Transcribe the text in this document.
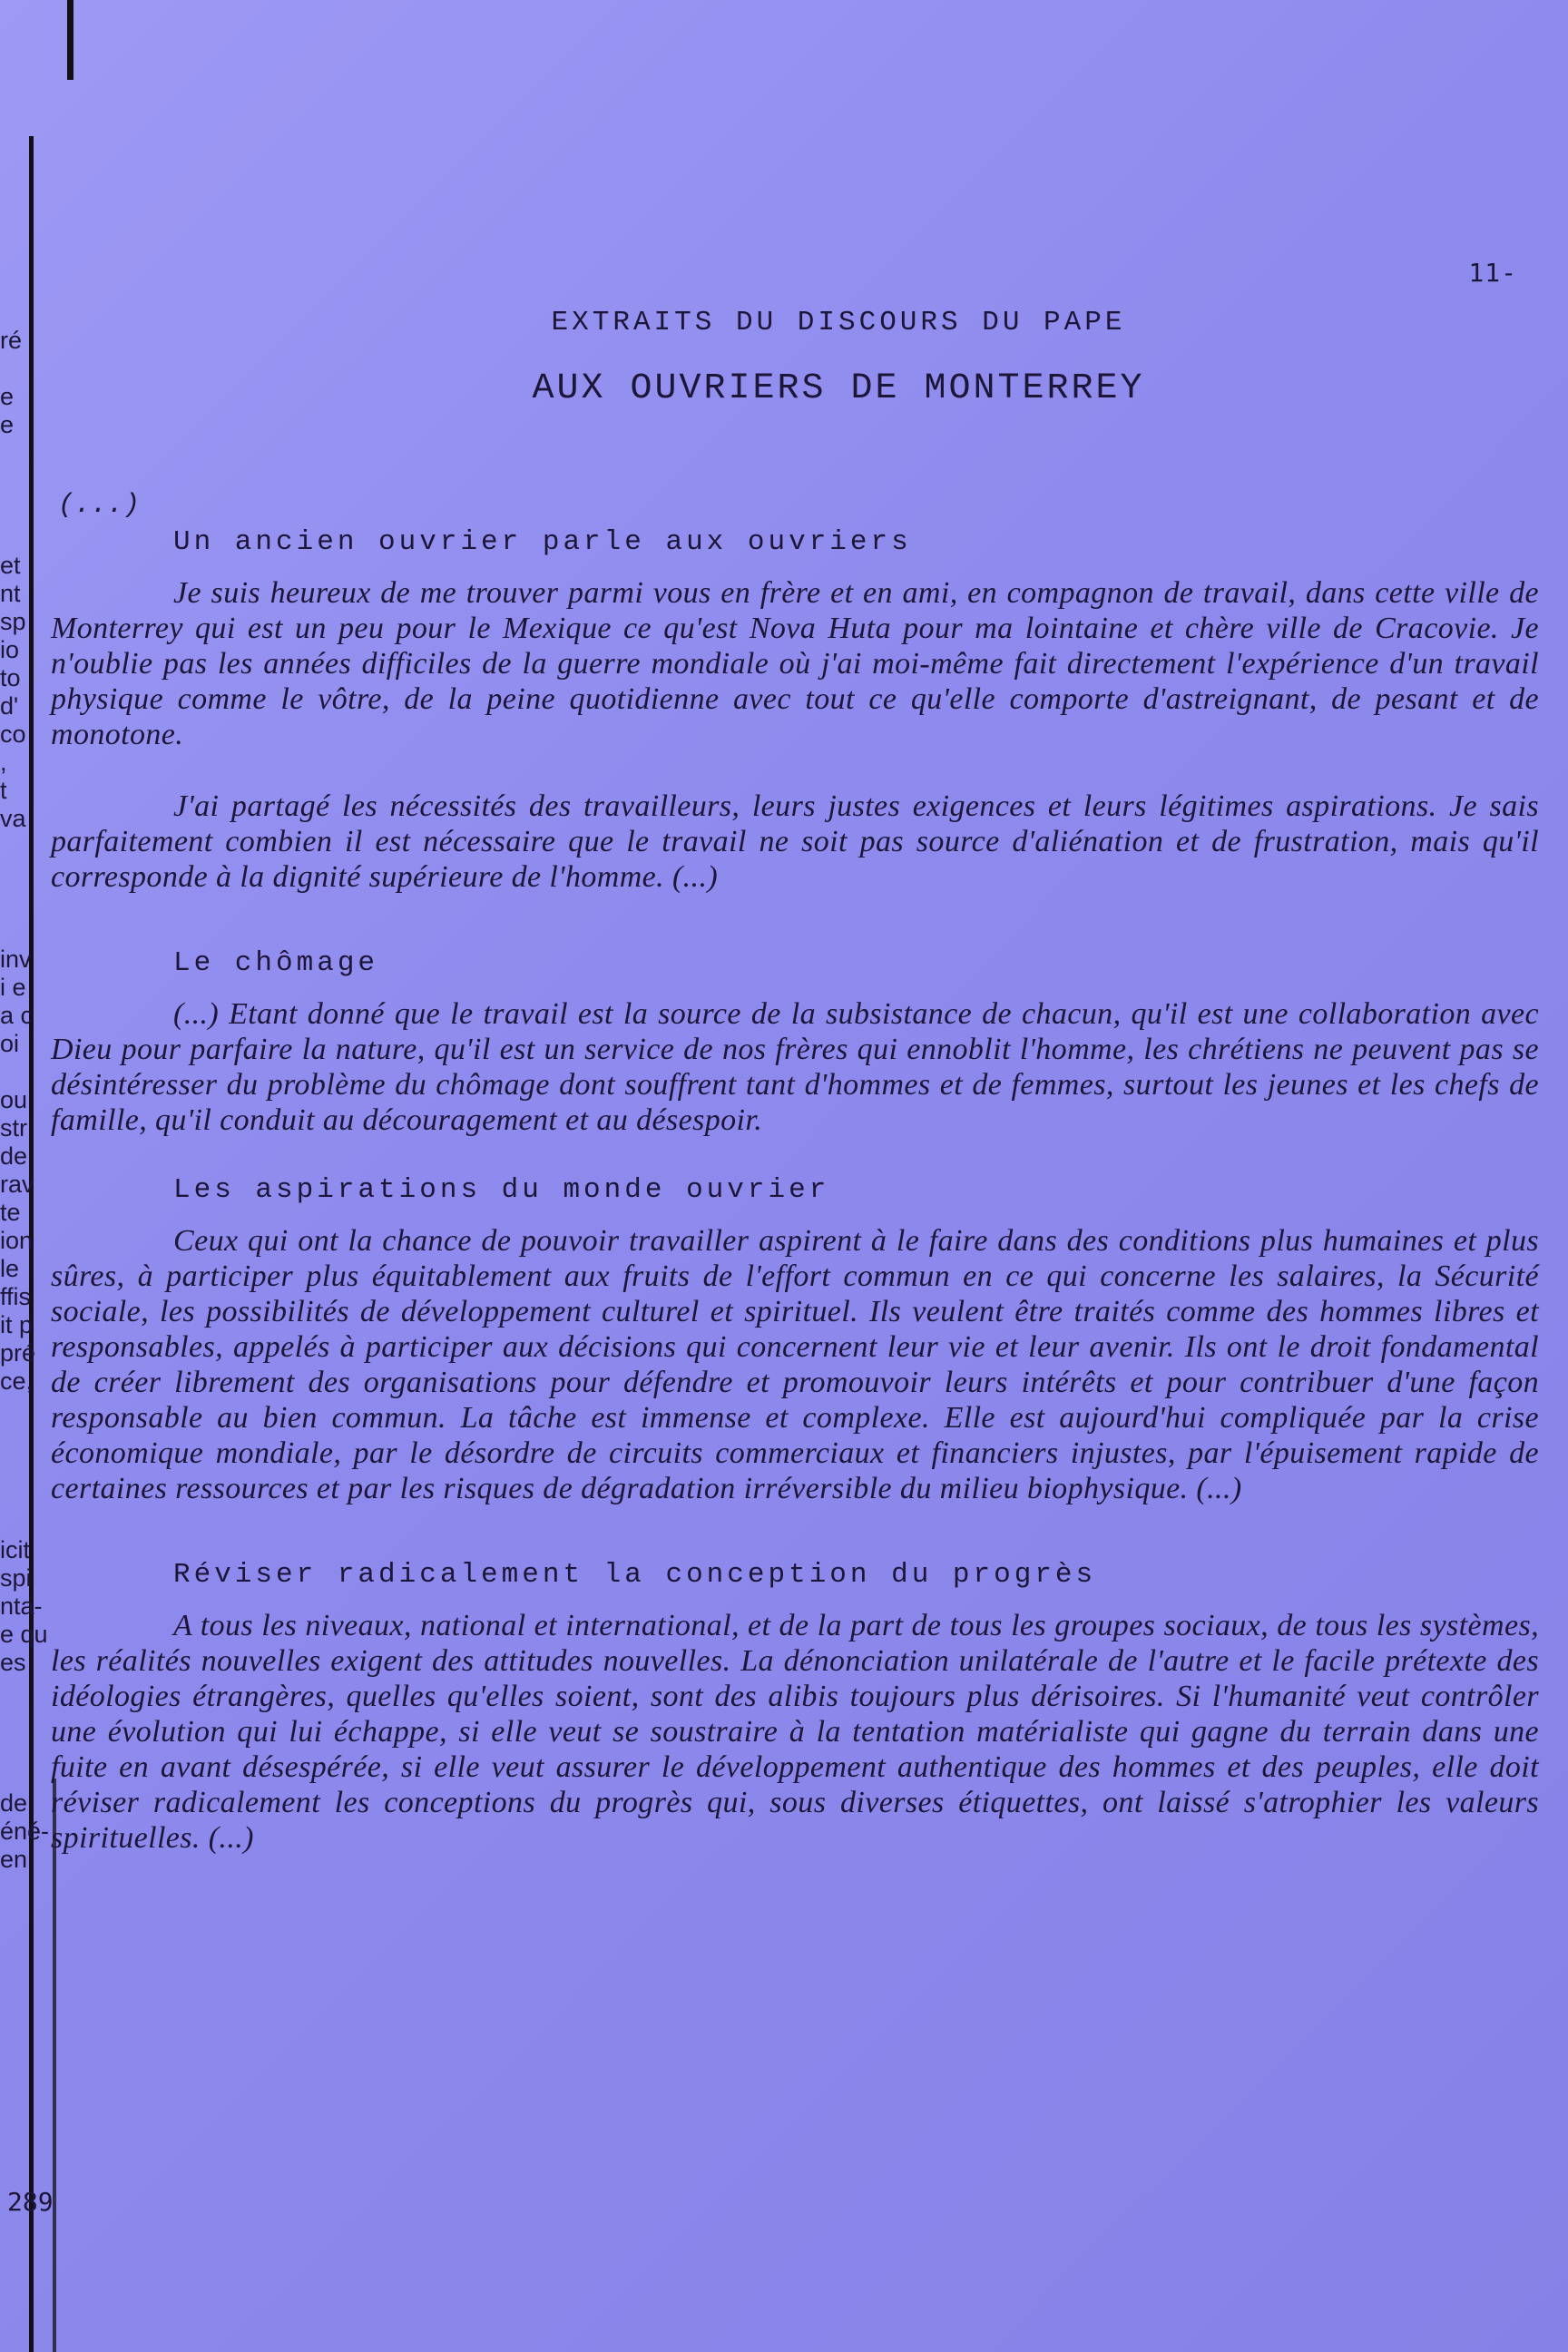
ré
e
e
et
nt
sp
io
to
d'
co
,
t
va
inv
i e
a c
oi
ou
str
de
rav
te
ion
le
ffis
it p
pré
ce,
icit
spi
nta-
e qu
es
de
éné-
en
11-
EXTRAITS DU DISCOURS DU PAPE
AUX OUVRIERS DE MONTERREY
(...)
Un ancien ouvrier parle aux ouvriers

Je suis heureux de me trouver parmi vous en frère et en ami, en compagnon de travail, dans cette ville de Monterrey qui est un peu pour le Mexique ce qu'est Nova Huta pour ma lointaine et chère ville de Cracovie. Je n'oublie pas les années difficiles de la guerre mondiale où j'ai moi-même fait directement l'expérience d'un travail physique comme le vôtre, de la peine quotidienne avec tout ce qu'elle comporte d'astreignant, de pesant et de monotone.

J'ai partagé les nécessités des travailleurs, leurs justes exigences et leurs légitimes aspirations. Je sais parfaitement combien il est nécessaire que le travail ne soit pas source d'aliénation et de frustration, mais qu'il corresponde à la dignité supérieure de l'homme. (...)

Le chômage

(...) Etant donné que le travail est la source de la subsistance de chacun, qu'il est une collaboration avec Dieu pour parfaire la nature, qu'il est un service de nos frères qui ennoblit l'homme, les chrétiens ne peuvent pas se désintéresser du problème du chômage dont souffrent tant d'hommes et de femmes, surtout les jeunes et les chefs de famille, qu'il conduit au découragement et au désespoir.

Les aspirations du monde ouvrier

Ceux qui ont la chance de pouvoir travailler aspirent à le faire dans des conditions plus humaines et plus sûres, à participer plus équitablement aux fruits de l'effort commun en ce qui concerne les salaires, la Sécurité sociale, les possibilités de développement culturel et spirituel. Ils veulent être traités comme des hommes libres et responsables, appelés à participer aux décisions qui concernent leur vie et leur avenir. Ils ont le droit fondamental de créer librement des organisations pour défendre et promouvoir leurs intérêts et pour contribuer d'une façon responsable au bien commun. La tâche est immense et complexe. Elle est aujourd'hui compliquée par la crise économique mondiale, par le désordre de circuits commerciaux et financiers injustes, par l'épuisement rapide de certaines ressources et par les risques de dégradation irréversible du milieu biophysique. (...)

Réviser radicalement la conception du progrès

A tous les niveaux, national et international, et de la part de tous les groupes sociaux, de tous les systèmes, les réalités nouvelles exigent des attitudes nouvelles. La dénonciation unilatérale de l'autre et le facile prétexte des idéologies étrangères, quelles qu'elles soient, sont des alibis toujours plus dérisoires. Si l'humanité veut contrôler une évolution qui lui échappe, si elle veut se soustraire à la tentation matérialiste qui gagne du terrain dans une fuite en avant désespérée, si elle veut assurer le développement authentique des hommes et des peuples, elle doit réviser radicalement les conceptions du progrès qui, sous diverses étiquettes, ont laissé s'atrophier les valeurs spirituelles. (...)

289
